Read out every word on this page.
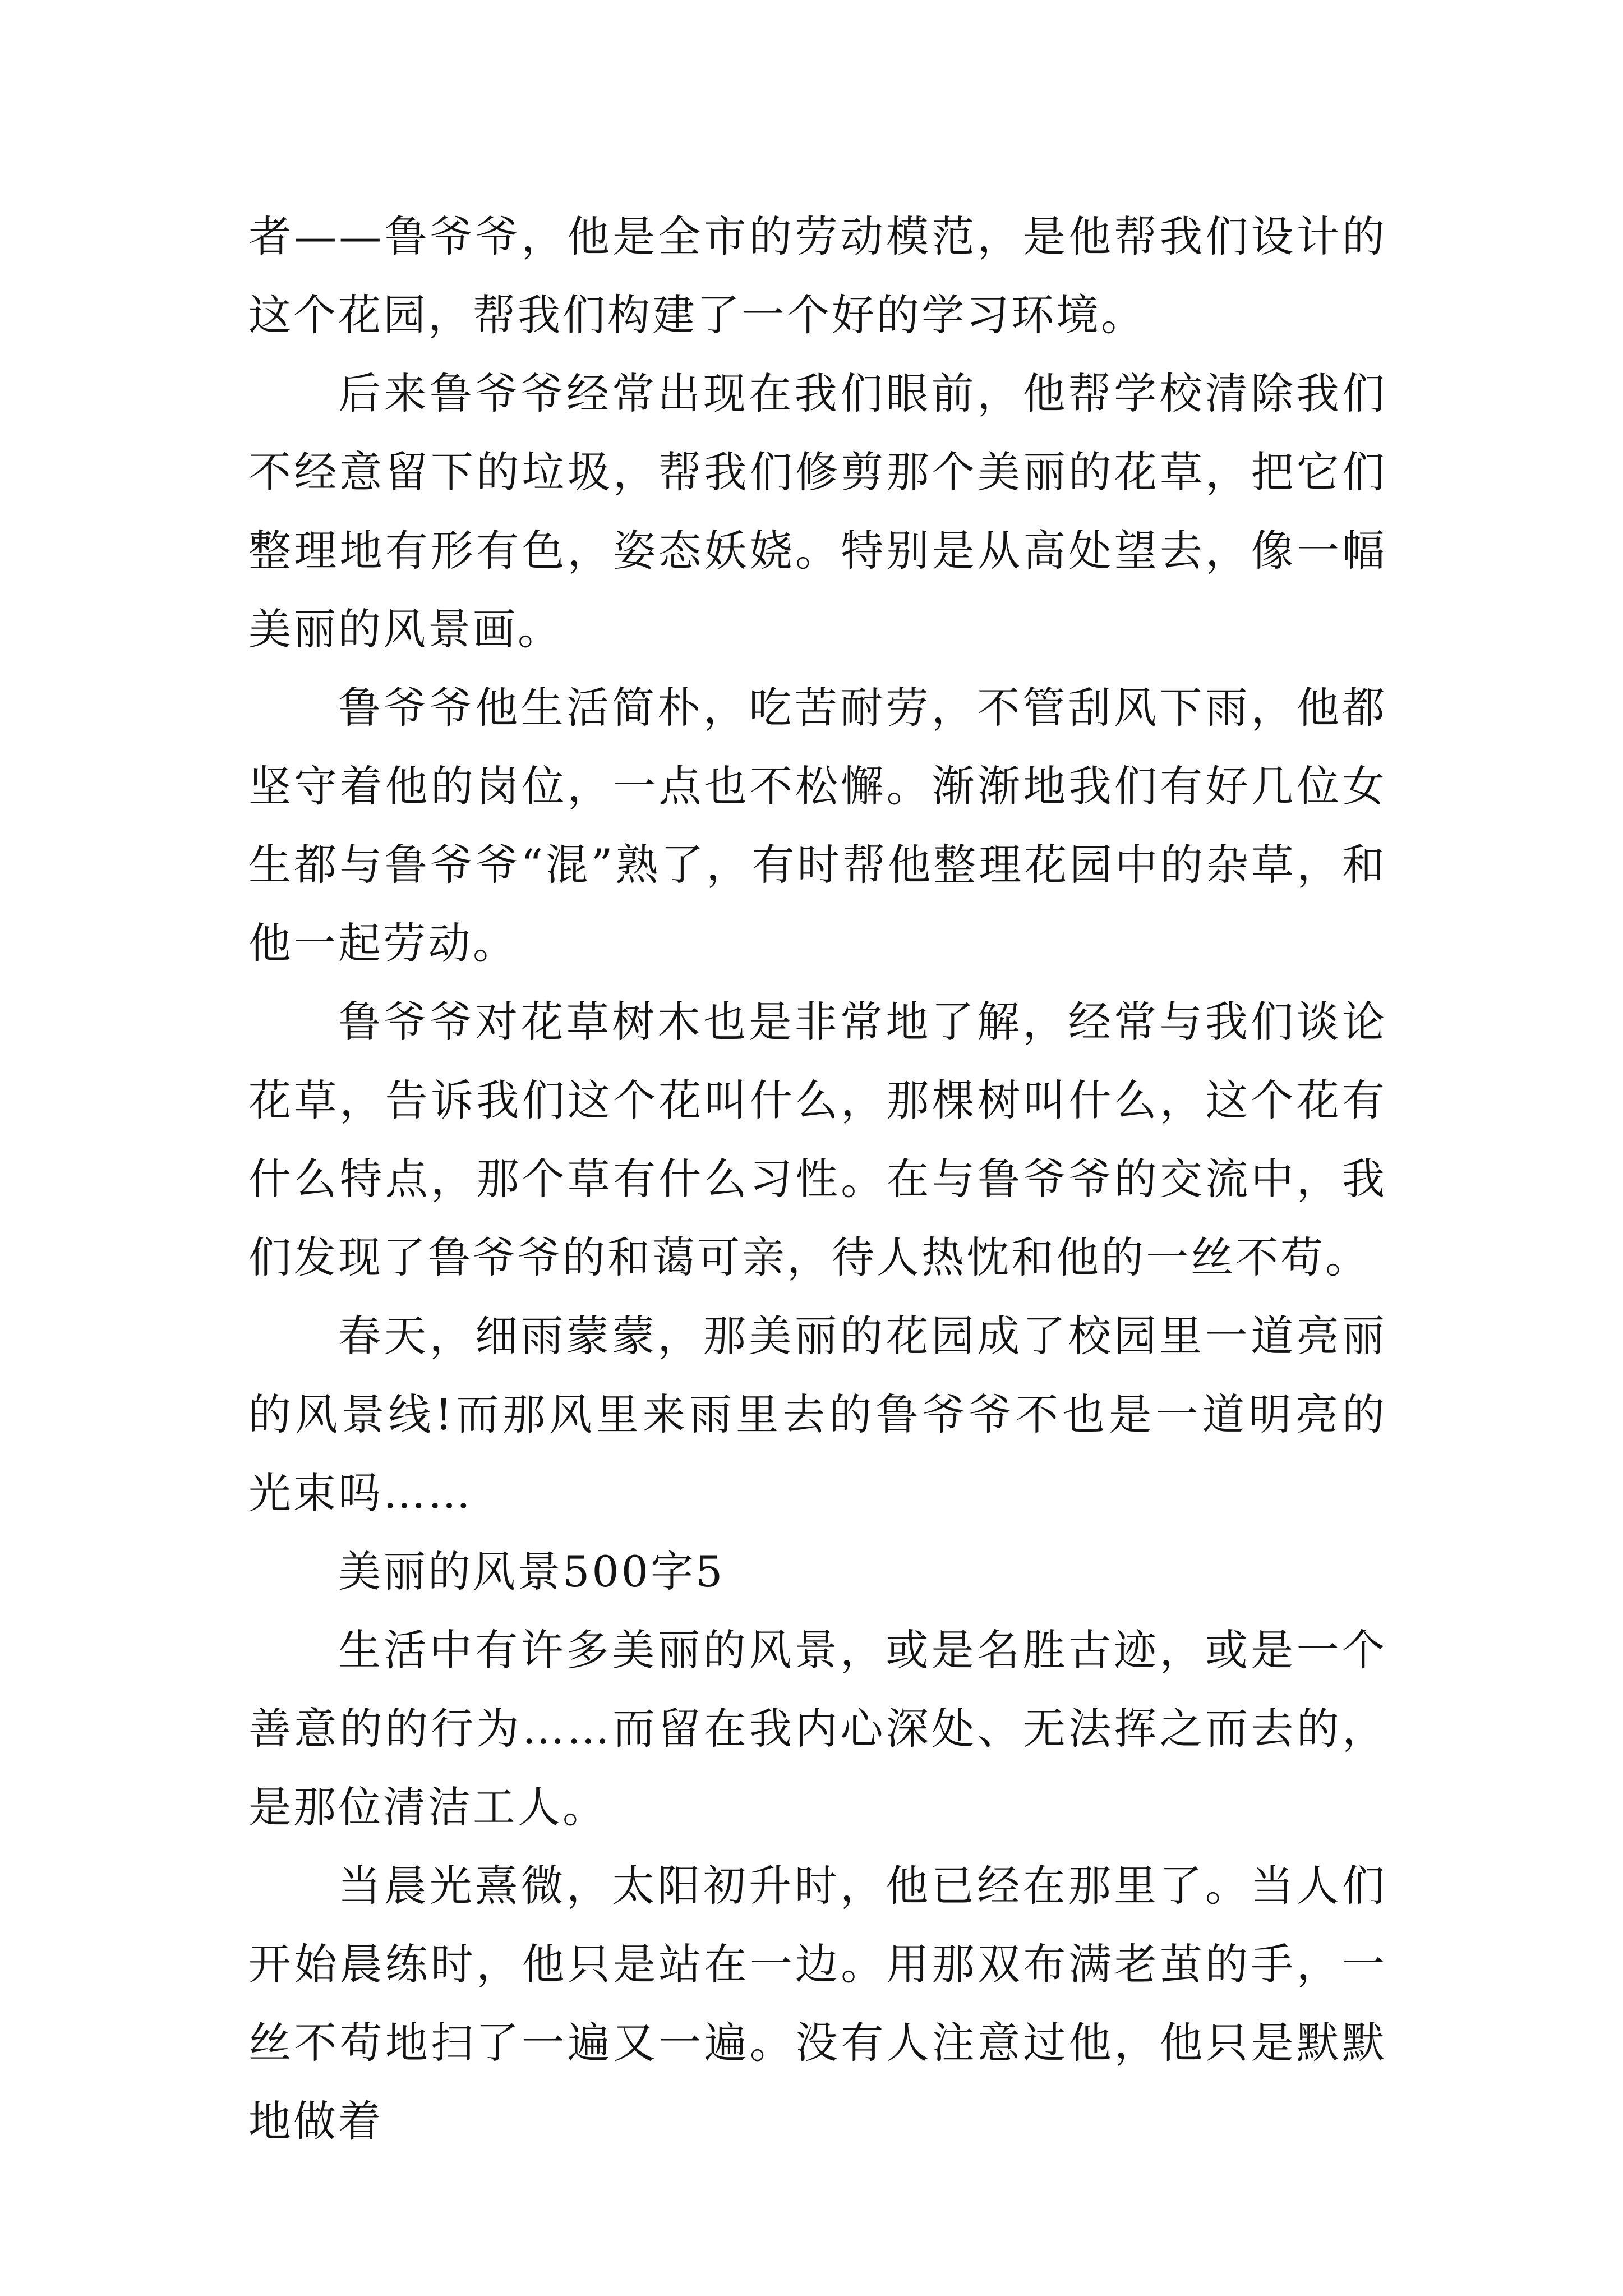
者——鲁爷爷，他是全市的劳动模范，是他帮我们设计的这个花园，帮我们构建了一个好的学习环境。

后来鲁爷爷经常出现在我们眼前，他帮学校清除我们不经意留下的垃圾，帮我们修剪那个美丽的花草，把它们整理地有形有色，姿态妖娆。特别是从高处望去，像一幅美丽的风景画。

鲁爷爷他生活简朴，吃苦耐劳，不管刮风下雨，他都坚守着他的岗位，一点也不松懈。渐渐地我们有好几位女生都与鲁爷爷“混”熟了，有时帮他整理花园中的杂草，和他一起劳动。

鲁爷爷对花草树木也是非常地了解，经常与我们谈论花草，告诉我们这个花叫什么，那棵树叫什么，这个花有什么特点，那个草有什么习性。在与鲁爷爷的交流中，我们发现了鲁爷爷的和蔼可亲，待人热忱和他的一丝不苟。

春天，细雨蒙蒙，那美丽的花园成了校园里一道亮丽的风景线!而那风里来雨里去的鲁爷爷不也是一道明亮的光束吗……

美丽的风景500字5

生活中有许多美丽的风景，或是名胜古迹，或是一个善意的的行为……而留在我内心深处、无法挥之而去的，是那位清洁工人。

当晨光熹微，太阳初升时，他已经在那里了。当人们开始晨练时，他只是站在一边。用那双布满老茧的手，一丝不苟地扫了一遍又一遍。没有人注意过他，他只是默默地做着
